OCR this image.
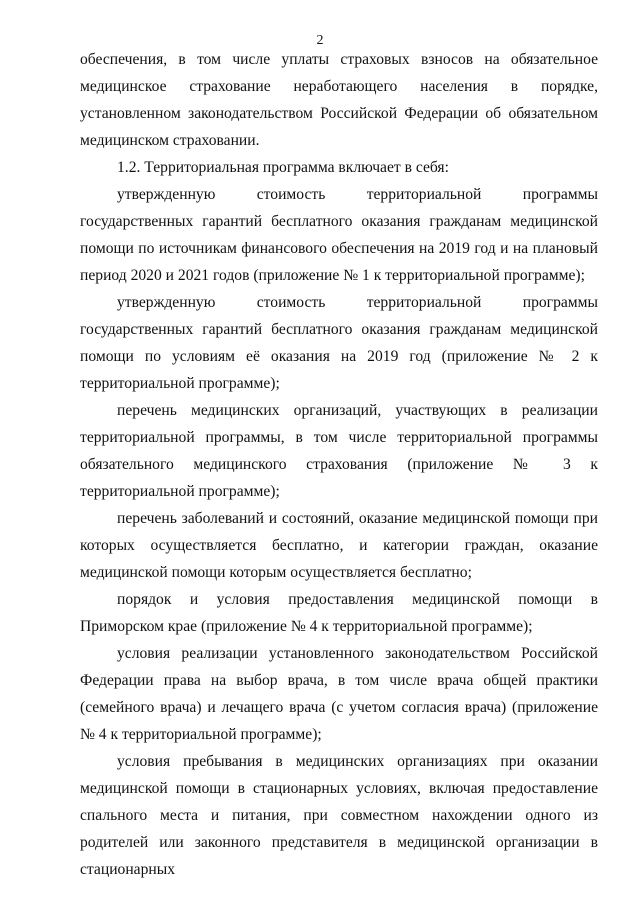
2

обеспечения, в том числе уплаты страховых взносов на обязательное медицинское страхование неработающего населения в порядке, установленном законодательством Российской Федерации об обязательном медицинском страховании.

1.2. Территориальная программа включает в себя:

утвержденную стоимость территориальной программы государственных гарантий бесплатного оказания гражданам медицинской помощи по источникам финансового обеспечения на 2019 год и на плановый период 2020 и 2021 годов (приложение № 1 к территориальной программе);

утвержденную стоимость территориальной программы государственных гарантий бесплатного оказания гражданам медицинской помощи по условиям её оказания на 2019 год (приложение № 2 к территориальной программе);

перечень медицинских организаций, участвующих в реализации территориальной программы, в том числе территориальной программы обязательного медицинского страхования (приложение № 3 к территориальной программе);

перечень заболеваний и состояний, оказание медицинской помощи при которых осуществляется бесплатно, и категории граждан, оказание медицинской помощи которым осуществляется бесплатно;

порядок и условия предоставления медицинской помощи в Приморском крае (приложение № 4 к территориальной программе);

условия реализации установленного законодательством Российской Федерации права на выбор врача, в том числе врача общей практики (семейного врача) и лечащего врача (с учетом согласия врача) (приложение № 4 к территориальной программе);

условия пребывания в медицинских организациях при оказании медицинской помощи в стационарных условиях, включая предоставление спального места и питания, при совместном нахождении одного из родителей или законного представителя в медицинской организации в стационарных
